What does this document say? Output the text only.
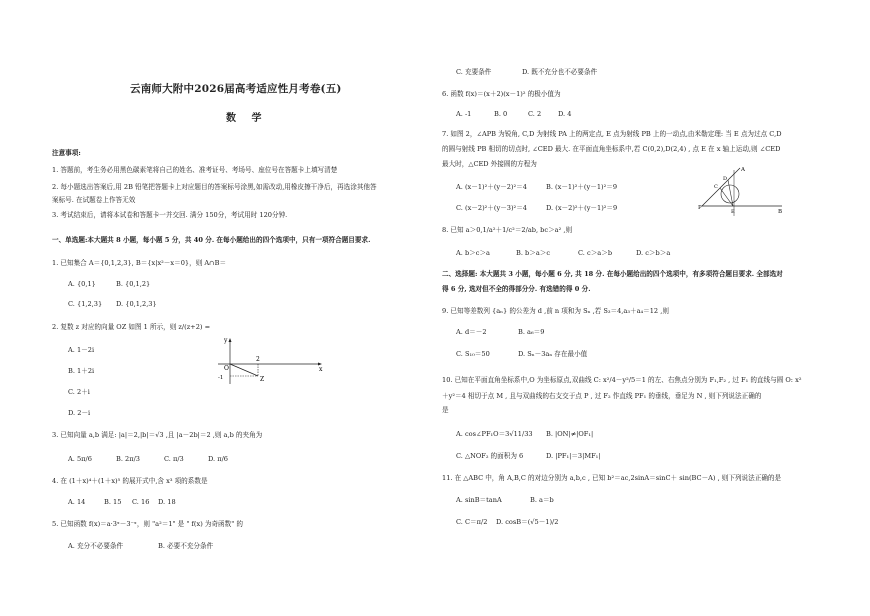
云南师大附中2026届高考适应性月考卷(五)
数 学
注意事项:
1. 答题前，考生务必用黑色碳素笔将自己的姓名、准考证号、考场号、座位号在答题卡上填写清楚
2. 每小题选出答案后,用 2B 铅笔把答题卡上对应题目的答案标号涂黑,如需改动,用橡皮擦干净后，再选涂其他答
案标号. 在试题卷上作答无效
3. 考试结束后，请将本试卷和答题卡一并交回. 满分 150分，考试用时 120分钟.
一、单选题:本大题共 8 小题，每小题 5 分，共 40 分. 在每小题给出的四个选项中，只有一项符合题目要求.
1. 已知集合 A＝{0,1,2,3}, B＝{x|x²－x＝0}，则 A∩B＝
A. {0,1}	B. {0,1,2}
C. {1,2,3} D. {0,1,2,3}
2. 复数 z 对应的向量 OZ 如图 1 所示，则 z/(z+2) =
A. 1－2i
B. 1＋2i
C. 2＋i
D. 2－i
y
O	x
2
Z
-1
3. 已知向量 a,b 满足: |a|＝2,|b|＝√3 ,且 |a－2b|＝2 ,则 a,b 的夹角为
A. 5π/6	B. 2π/3	C. π/3	D. π/6
4. 在 (1＋x)⁴＋(1＋x)⁵ 的展开式中,含 x³ 项的系数是
A. 14	B. 15 C. 16 D. 18
5. 已知函数 f(x)＝a·3ˣ－3⁻ˣ，则 "a²＝1" 是 " f(x) 为奇函数" 的
A. 充分不必要条件	B. 必要不充分条件
C. 充要条件	D. 既不充分也不必要条件
6. 函数 f(x)＝(x＋2)(x－1)² 的极小值为
A. -1	B. 0	C. 2	D. 4
7. 如图 2，∠APB 为锐角, C,D 为射线 PA 上的两定点, E 点为射线 PB 上的一动点,由米勒定理: 当 E 点为过点 C,D
的圆与射线 PB 相切的切点时, ∠CED 最大. 在平面直角坐标系中,若 C(0,2),D(2,4) , 点 E 在 x 轴上运动,则 ∠CED
最大时，△CED 外接圆的方程为
A. (x－1)²＋(y－2)²＝4	B. (x－1)²＋(y－1)²＝9
C. (x－2)²＋(y－3)²＝4	D. (x－2)²＋(y－1)²＝9	P
A
B
D
C
E
8. 已知 a＞0,1/a²＋1/c²＝2/ab, bc＞a² ,则
A. b＞c＞a	B. b＞a＞c	C. c＞a＞b	D. c＞b＞a
二、选择题: 本大题共 3 小题，每小题 6 分, 共 18 分. 在每小题给出的四个选项中，有多项符合题目要求. 全部选对
得 6 分, 选对但不全的得部分分. 有选错的得 0 分.
9. 已知等差数列 {aₙ} 的公差为 d ,前 n 项和为 Sₙ ,若 S₃＝4,a₃＋a₄＝12 ,则
A. d＝－2	B. a₆＝9
C. S₁₀＝50	D. Sₙ－3aₙ 存在最小值
10. 已知在平面直角坐标系中,O 为坐标原点,双曲线 C: x²/4－y²/5＝1 的左、右焦点分别为 F₁,F₂ , 过 F₁ 的直线与圆 O: x²
＋y²＝4 相切于点 M , 且与双曲线的右支交于点 P , 过 F₂ 作直线 PF₁ 的垂线，垂足为 N , 则下列说法正确的
是
A. cos∠PF₁O＝3√11/33 B. |ON|≠|OF₁|
C. △NOF₂ 的面积为 6	D. |PF₁|＝3|MF₁|
11. 在 △ABC 中，角 A,B,C 的对边分别为 a,b,c , 已知 b²＝ac,2sinA＝sinC＋ sin(BC－A) , 则下列说法正确的是
A. sinB＝tanA	B. a＝b
C. C＝π/2 D. cosB＝(√5－1)/2
